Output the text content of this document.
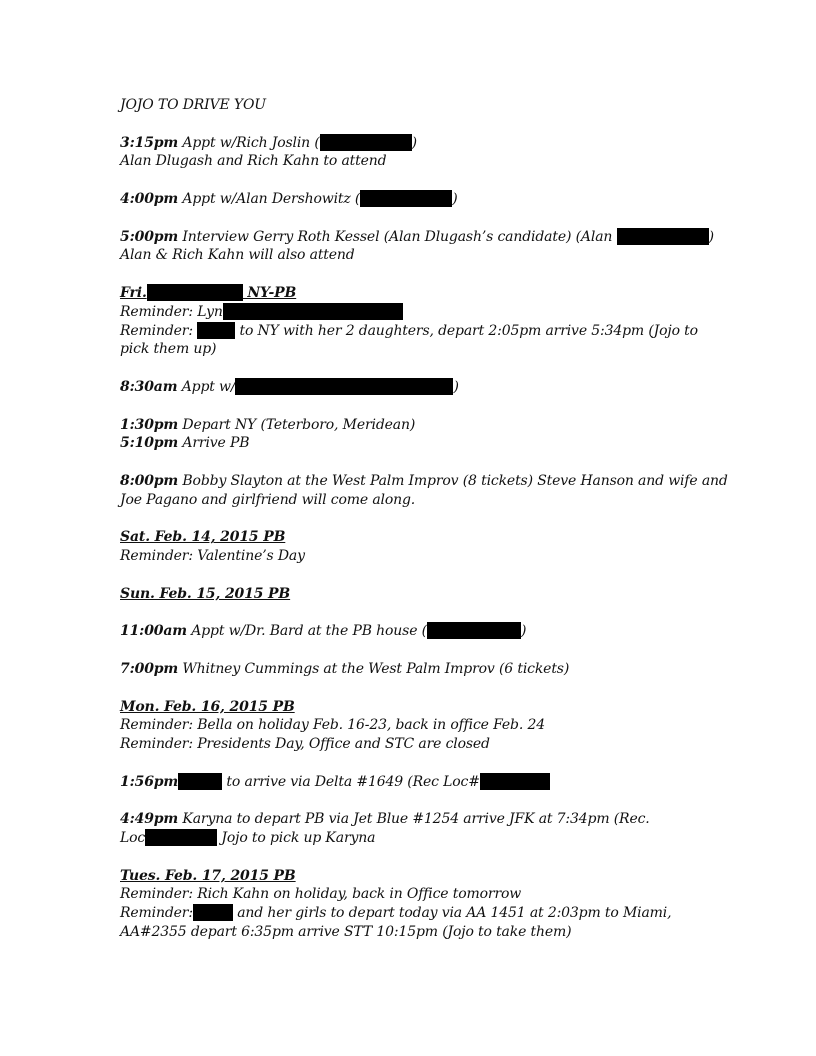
JOJO TO DRIVE YOU
3:15pm Appt w/Rich Joslin (	)
Alan Dlugash and Rich Kahn to attend
4:00pm Appt w/Alan Dershowitz (	)
5:00pm Interview Gerry Roth Kessel (Alan Dlugash’s candidate) (Alan	)
Alan & Rich Kahn will also attend
Fri.	NY-PB
Reminder: Lyn
Reminder:	to NY with her 2 daughters, depart 2:05pm arrive 5:34pm (Jojo to
pick them up)
8:30am Appt w/	)
1:30pm Depart NY (Teterboro, Meridean)
5:10pm Arrive PB
8:00pm Bobby Slayton at the West Palm Improv (8 tickets) Steve Hanson and wife and
Joe Pagano and girlfriend will come along.
Sat. Feb. 14, 2015 PB
Reminder: Valentine’s Day
Sun. Feb. 15, 2015 PB
11:00am Appt w/Dr. Bard at the PB house (	)
7:00pm Whitney Cummings at the West Palm Improv (6 tickets)
Mon. Feb. 16, 2015 PB
Reminder: Bella on holiday Feb. 16-23, back in office Feb. 24
Reminder: Presidents Day, Office and STC are closed
1:56pm	to arrive via Delta #1649 (Rec Loc#
4:49pm Karyna to depart PB via Jet Blue #1254 arrive JFK at 7:34pm (Rec.
Loc	Jojo to pick up Karyna
Tues. Feb. 17, 2015 PB
Reminder: Rich Kahn on holiday, back in Office tomorrow
Reminder:	and her girls to depart today via AA 1451 at 2:03pm to Miami,
AA#2355 depart 6:35pm arrive STT 10:15pm (Jojo to take them)
